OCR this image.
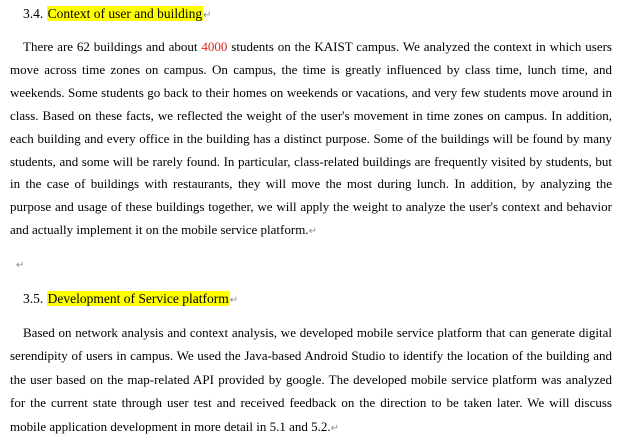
3.4. Context of user and building↵
There are 62 buildings and about 4000 students on the KAIST campus. We analyzed the context in which users move across time zones on campus. On campus, the time is greatly influenced by class time, lunch time, and weekends. Some students go back to their homes on weekends or vacations, and very few students move around in class. Based on these facts, we reflected the weight of the user's movement in time zones on campus. In addition, each building and every office in the building has a distinct purpose. Some of the buildings will be found by many students, and some will be rarely found. In particular, class-related buildings are frequently visited by students, but in the case of buildings with restaurants, they will move the most during lunch. In addition, by analyzing the purpose and usage of these buildings together, we will apply the weight to analyze the user's context and behavior and actually implement it on the mobile service platform.↵
↵
3.5. Development of Service platform↵
Based on network analysis and context analysis, we developed mobile service platform that can generate digital serendipity of users in campus. We used the Java-based Android Studio to identify the location of the building and the user based on the map-related API provided by google. The developed mobile service platform was analyzed for the current state through user test and received feedback on the direction to be taken later. We will discuss mobile application development in more detail in 5.1 and 5.2.↵
